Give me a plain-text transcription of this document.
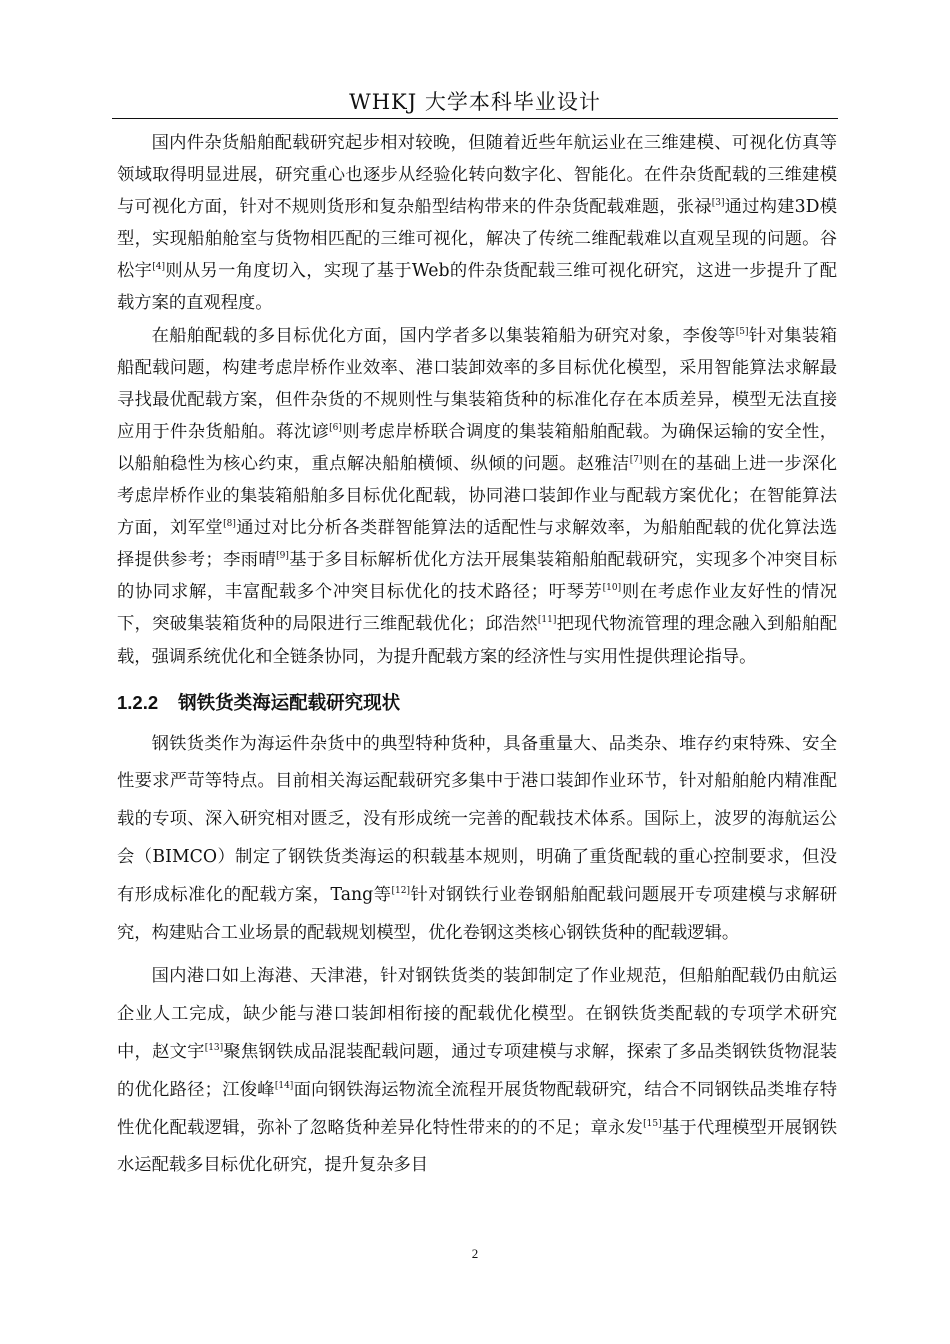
WHKJ 大学本科毕业设计

国内件杂货船舶配载研究起步相对较晚，但随着近些年航运业在三维建模、可视化仿真等领域取得明显进展，研究重心也逐步从经验化转向数字化、智能化。在件杂货配载的三维建模与可视化方面，针对不规则货形和复杂船型结构带来的件杂货配载难题，张禄[3]通过构建3D模型，实现船舶舱室与货物相匹配的三维可视化，解决了传统二维配载难以直观呈现的问题。谷松宇[4]则从另一角度切入，实现了基于Web的件杂货配载三维可视化研究，这进一步提升了配载方案的直观程度。

在船舶配载的多目标优化方面，国内学者多以集装箱船为研究对象，李俊等[5]针对集装箱船配载问题，构建考虑岸桥作业效率、港口装卸效率的多目标优化模型，采用智能算法求解最寻找最优配载方案，但件杂货的不规则性与集装箱货种的标准化存在本质差异，模型无法直接应用于件杂货船舶。蒋沈谚[6]则考虑岸桥联合调度的集装箱船舶配载。为确保运输的安全性，以船舶稳性为核心约束，重点解决船舶横倾、纵倾的问题。赵雅洁[7]则在的基础上进一步深化考虑岸桥作业的集装箱船舶多目标优化配载，协同港口装卸作业与配载方案优化；在智能算法方面，刘军堂[8]通过对比分析各类群智能算法的适配性与求解效率，为船舶配载的优化算法选择提供参考；李雨晴[9]基于多目标解析优化方法开展集装箱船舶配载研究，实现多个冲突目标的协同求解，丰富配载多个冲突目标优化的技术路径；吁琴芳[10]则在考虑作业友好性的情况下，突破集装箱货种的局限进行三维配载优化；邱浩然[11]把现代物流管理的理念融入到船舶配载，强调系统优化和全链条协同，为提升配载方案的经济性与实用性提供理论指导。

1.2.2 钢铁货类海运配载研究现状

钢铁货类作为海运件杂货中的典型特种货种，具备重量大、品类杂、堆存约束特殊、安全性要求严苛等特点。目前相关海运配载研究多集中于港口装卸作业环节，针对船舶舱内精准配载的专项、深入研究相对匮乏，没有形成统一完善的配载技术体系。国际上，波罗的海航运公会（BIMCO）制定了钢铁货类海运的积载基本规则，明确了重货配载的重心控制要求，但没有形成标准化的配载方案，Tang等[12]针对钢铁行业卷钢船舶配载问题展开专项建模与求解研究，构建贴合工业场景的配载规划模型，优化卷钢这类核心钢铁货种的配载逻辑。

国内港口如上海港、天津港，针对钢铁货类的装卸制定了作业规范，但船舶配载仍由航运企业人工完成，缺少能与港口装卸相衔接的配载优化模型。在钢铁货类配载的专项学术研究中，赵文宇[13]聚焦钢铁成品混装配载问题，通过专项建模与求解，探索了多品类钢铁货物混装的优化路径；江俊峰[14]面向钢铁海运物流全流程开展货物配载研究，结合不同钢铁品类堆存特性优化配载逻辑，弥补了忽略货种差异化特性带来的的不足；章永发[15]基于代理模型开展钢铁水运配载多目标优化研究，提升复杂多目

2
